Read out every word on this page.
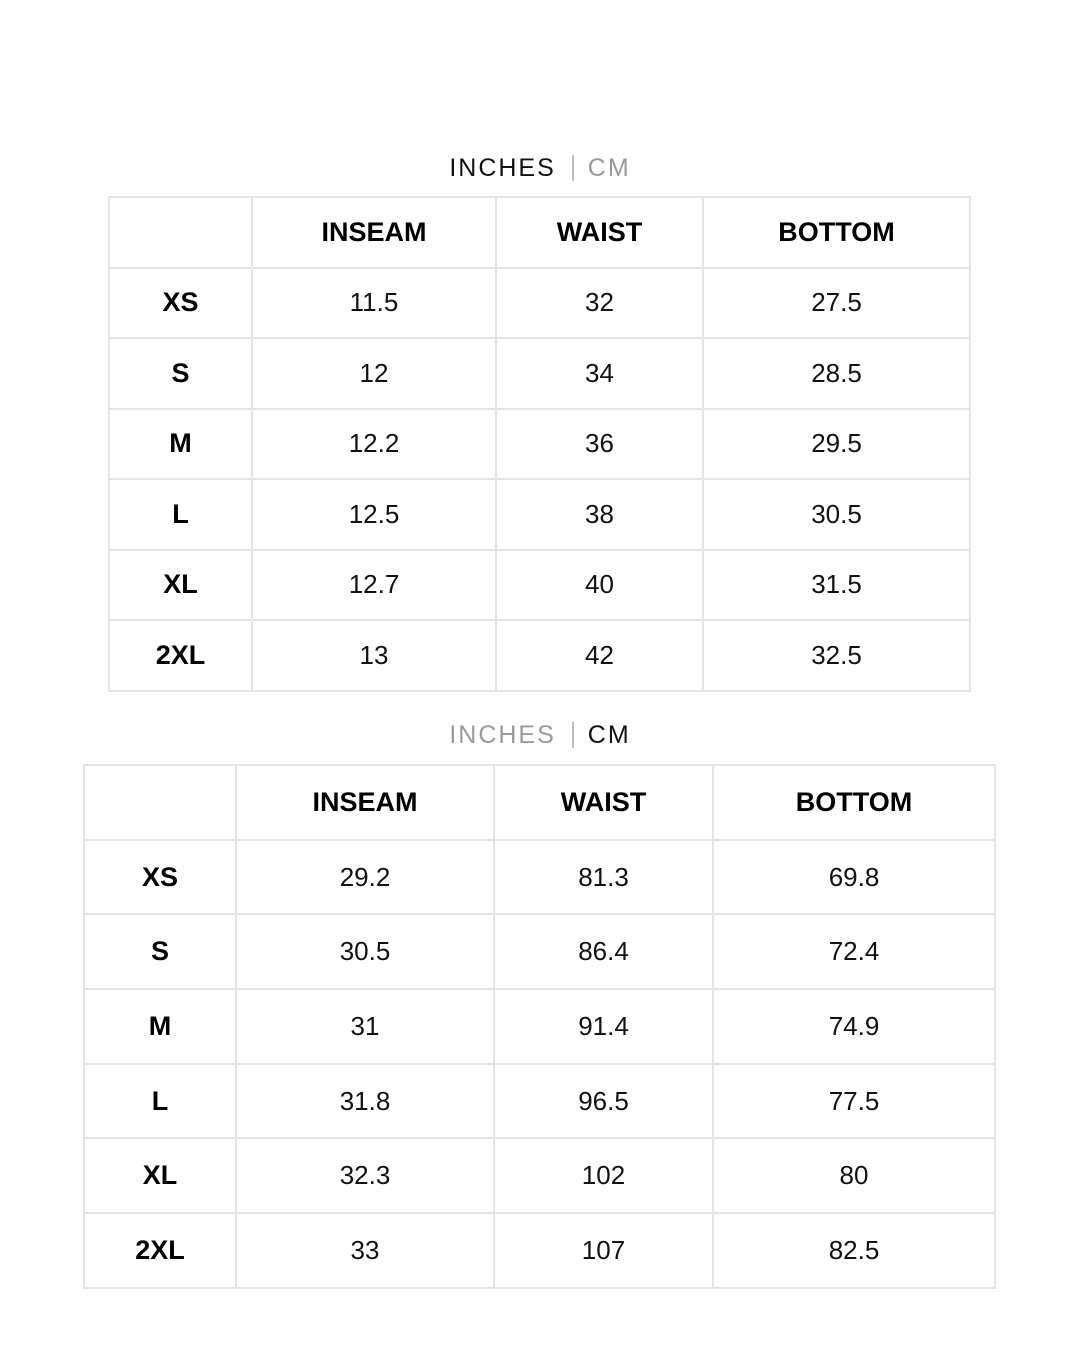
INCHES CM
	INSEAM	WAIST	BOTTOM
XS	11.5	32	27.5
S	12	34	28.5
M	12.2	36	29.5
L	12.5	38	30.5
XL	12.7	40	31.5
2XL	13	42	32.5
INCHES CM
	INSEAM	WAIST	BOTTOM
XS	29.2	81.3	69.8
S	30.5	86.4	72.4
M	31	91.4	74.9
L	31.8	96.5	77.5
XL	32.3	102	80
2XL	33	107	82.5
